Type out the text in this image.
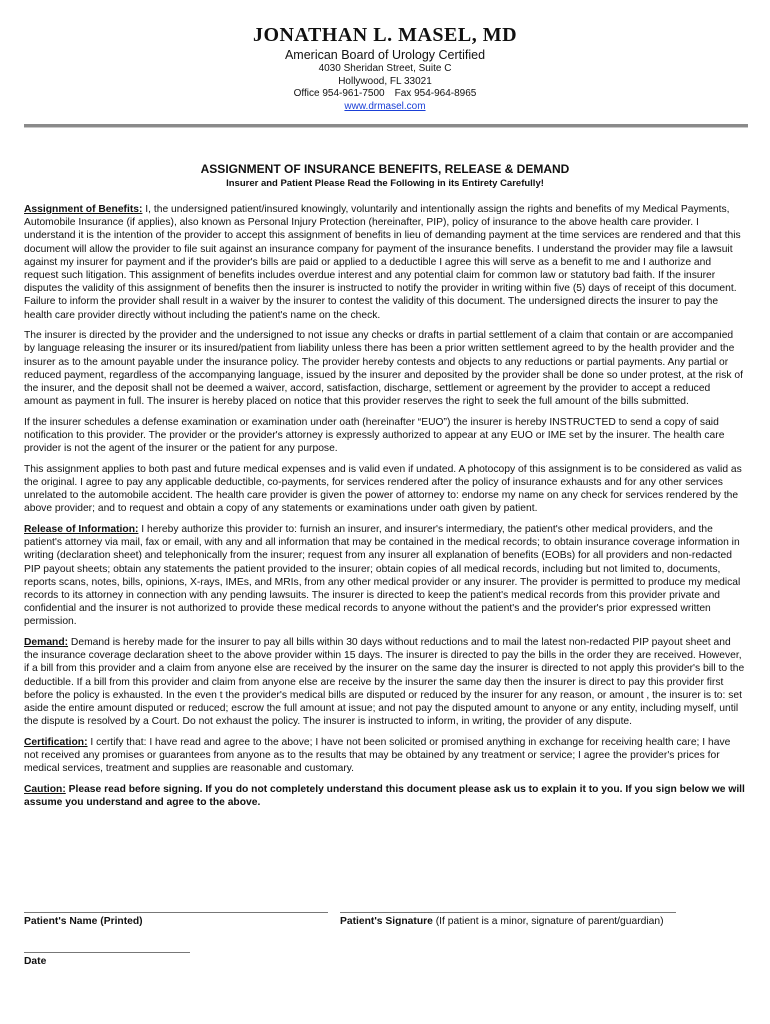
JONATHAN L. MASEL, MD
American Board of Urology Certified
4030 Sheridan Street, Suite C
Hollywood, FL 33021
Office 954-961-7500 Fax 954-964-8965
www.drmasel.com
ASSIGNMENT OF INSURANCE BENEFITS, RELEASE & DEMAND
Insurer and Patient Please Read the Following in its Entirety Carefully!

Assignment of Benefits: I, the undersigned patient/insured knowingly, voluntarily and intentionally assign the rights and benefits of my Medical Payments, Automobile Insurance (if applies), also known as Personal Injury Protection (hereinafter, PIP), policy of insurance to the above health care provider. I understand it is the intention of the provider to accept this assignment of benefits in lieu of demanding payment at the time services are rendered and that this document will allow the provider to file suit against an insurance company for payment of the insurance benefits. I understand the provider may file a lawsuit against my insurer for payment and if the provider's bills are paid or applied to a deductible I agree this will serve as a benefit to me and I authorize and request such litigation. This assignment of benefits includes overdue interest and any potential claim for common law or statutory bad faith. If the insurer disputes the validity of this assignment of benefits then the insurer is instructed to notify the provider in writing within five (5) days of receipt of this document. Failure to inform the provider shall result in a waiver by the insurer to contest the validity of this document. The undersigned directs the insurer to pay the health care provider directly without including the patient's name on the check.

The insurer is directed by the provider and the undersigned to not issue any checks or drafts in partial settlement of a claim that contain or are accompanied by language releasing the insurer or its insured/patient from liability unless there has been a prior written settlement agreed to by the health provider and the insurer as to the amount payable under the insurance policy. The provider hereby contests and objects to any reductions or partial payments. Any partial or reduced payment, regardless of the accompanying language, issued by the insurer and deposited by the provider shall be done so under protest, at the risk of the insurer, and the deposit shall not be deemed a waiver, accord, satisfaction, discharge, settlement or agreement by the provider to accept a reduced amount as payment in full. The insurer is hereby placed on notice that this provider reserves the right to seek the full amount of the bills submitted.

If the insurer schedules a defense examination or examination under oath (hereinafter “EUO”) the insurer is hereby INSTRUCTED to send a copy of said notification to this provider. The provider or the provider's attorney is expressly authorized to appear at any EUO or IME set by the insurer. The health care provider is not the agent of the insurer or the patient for any purpose.

This assignment applies to both past and future medical expenses and is valid even if undated. A photocopy of this assignment is to be considered as valid as the original. I agree to pay any applicable deductible, co-payments, for services rendered after the policy of insurance exhausts and for any other services unrelated to the automobile accident. The health care provider is given the power of attorney to: endorse my name on any check for services rendered by the above provider; and to request and obtain a copy of any statements or examinations under oath given by patient.

Release of Information: I hereby authorize this provider to: furnish an insurer, and insurer's intermediary, the patient's other medical providers, and the patient's attorney via mail, fax or email, with any and all information that may be contained in the medical records; to obtain insurance coverage information in writing (declaration sheet) and telephonically from the insurer; request from any insurer all explanation of benefits (EOBs) for all providers and non-redacted PIP payout sheets; obtain any statements the patient provided to the insurer; obtain copies of all medical records, including but not limited to, documents, reports scans, notes, bills, opinions, X-rays, IMEs, and MRIs, from any other medical provider or any insurer. The provider is permitted to produce my medical records to its attorney in connection with any pending lawsuits. The insurer is directed to keep the patient's medical records from this provider private and confidential and the insurer is not authorized to provide these medical records to anyone without the patient's and the provider's prior expressed written permission.

Demand: Demand is hereby made for the insurer to pay all bills within 30 days without reductions and to mail the latest non-redacted PIP payout sheet and the insurance coverage declaration sheet to the above provider within 15 days. The insurer is directed to pay the bills in the order they are received. However, if a bill from this provider and a claim from anyone else are received by the insurer on the same day the insurer is directed to not apply this provider's bill to the deductible. If a bill from this provider and claim from anyone else are receive by the insurer the same day then the insurer is direct to pay this provider first before the policy is exhausted. In the even t the provider's medical bills are disputed or reduced by the insurer for any reason, or amount , the insurer is to: set aside the entire amount disputed or reduced; escrow the full amount at issue; and not pay the disputed amount to anyone or any entity, including myself, until the dispute is resolved by a Court. Do not exhaust the policy. The insurer is instructed to inform, in writing, the provider of any dispute.

Certification: I certify that: I have read and agree to the above; I have not been solicited or promised anything in exchange for receiving health care; I have not received any promises or guarantees from anyone as to the results that may be obtained by any treatment or service; I agree the provider's prices for medical services, treatment and supplies are reasonable and customary.

Caution: Please read before signing. If you do not completely understand this document please ask us to explain it to you. If you sign below we will assume you understand and agree to the above.

Patient's Name (Printed)	Patient's Signature (If patient is a minor, signature of parent/guardian)
Date
